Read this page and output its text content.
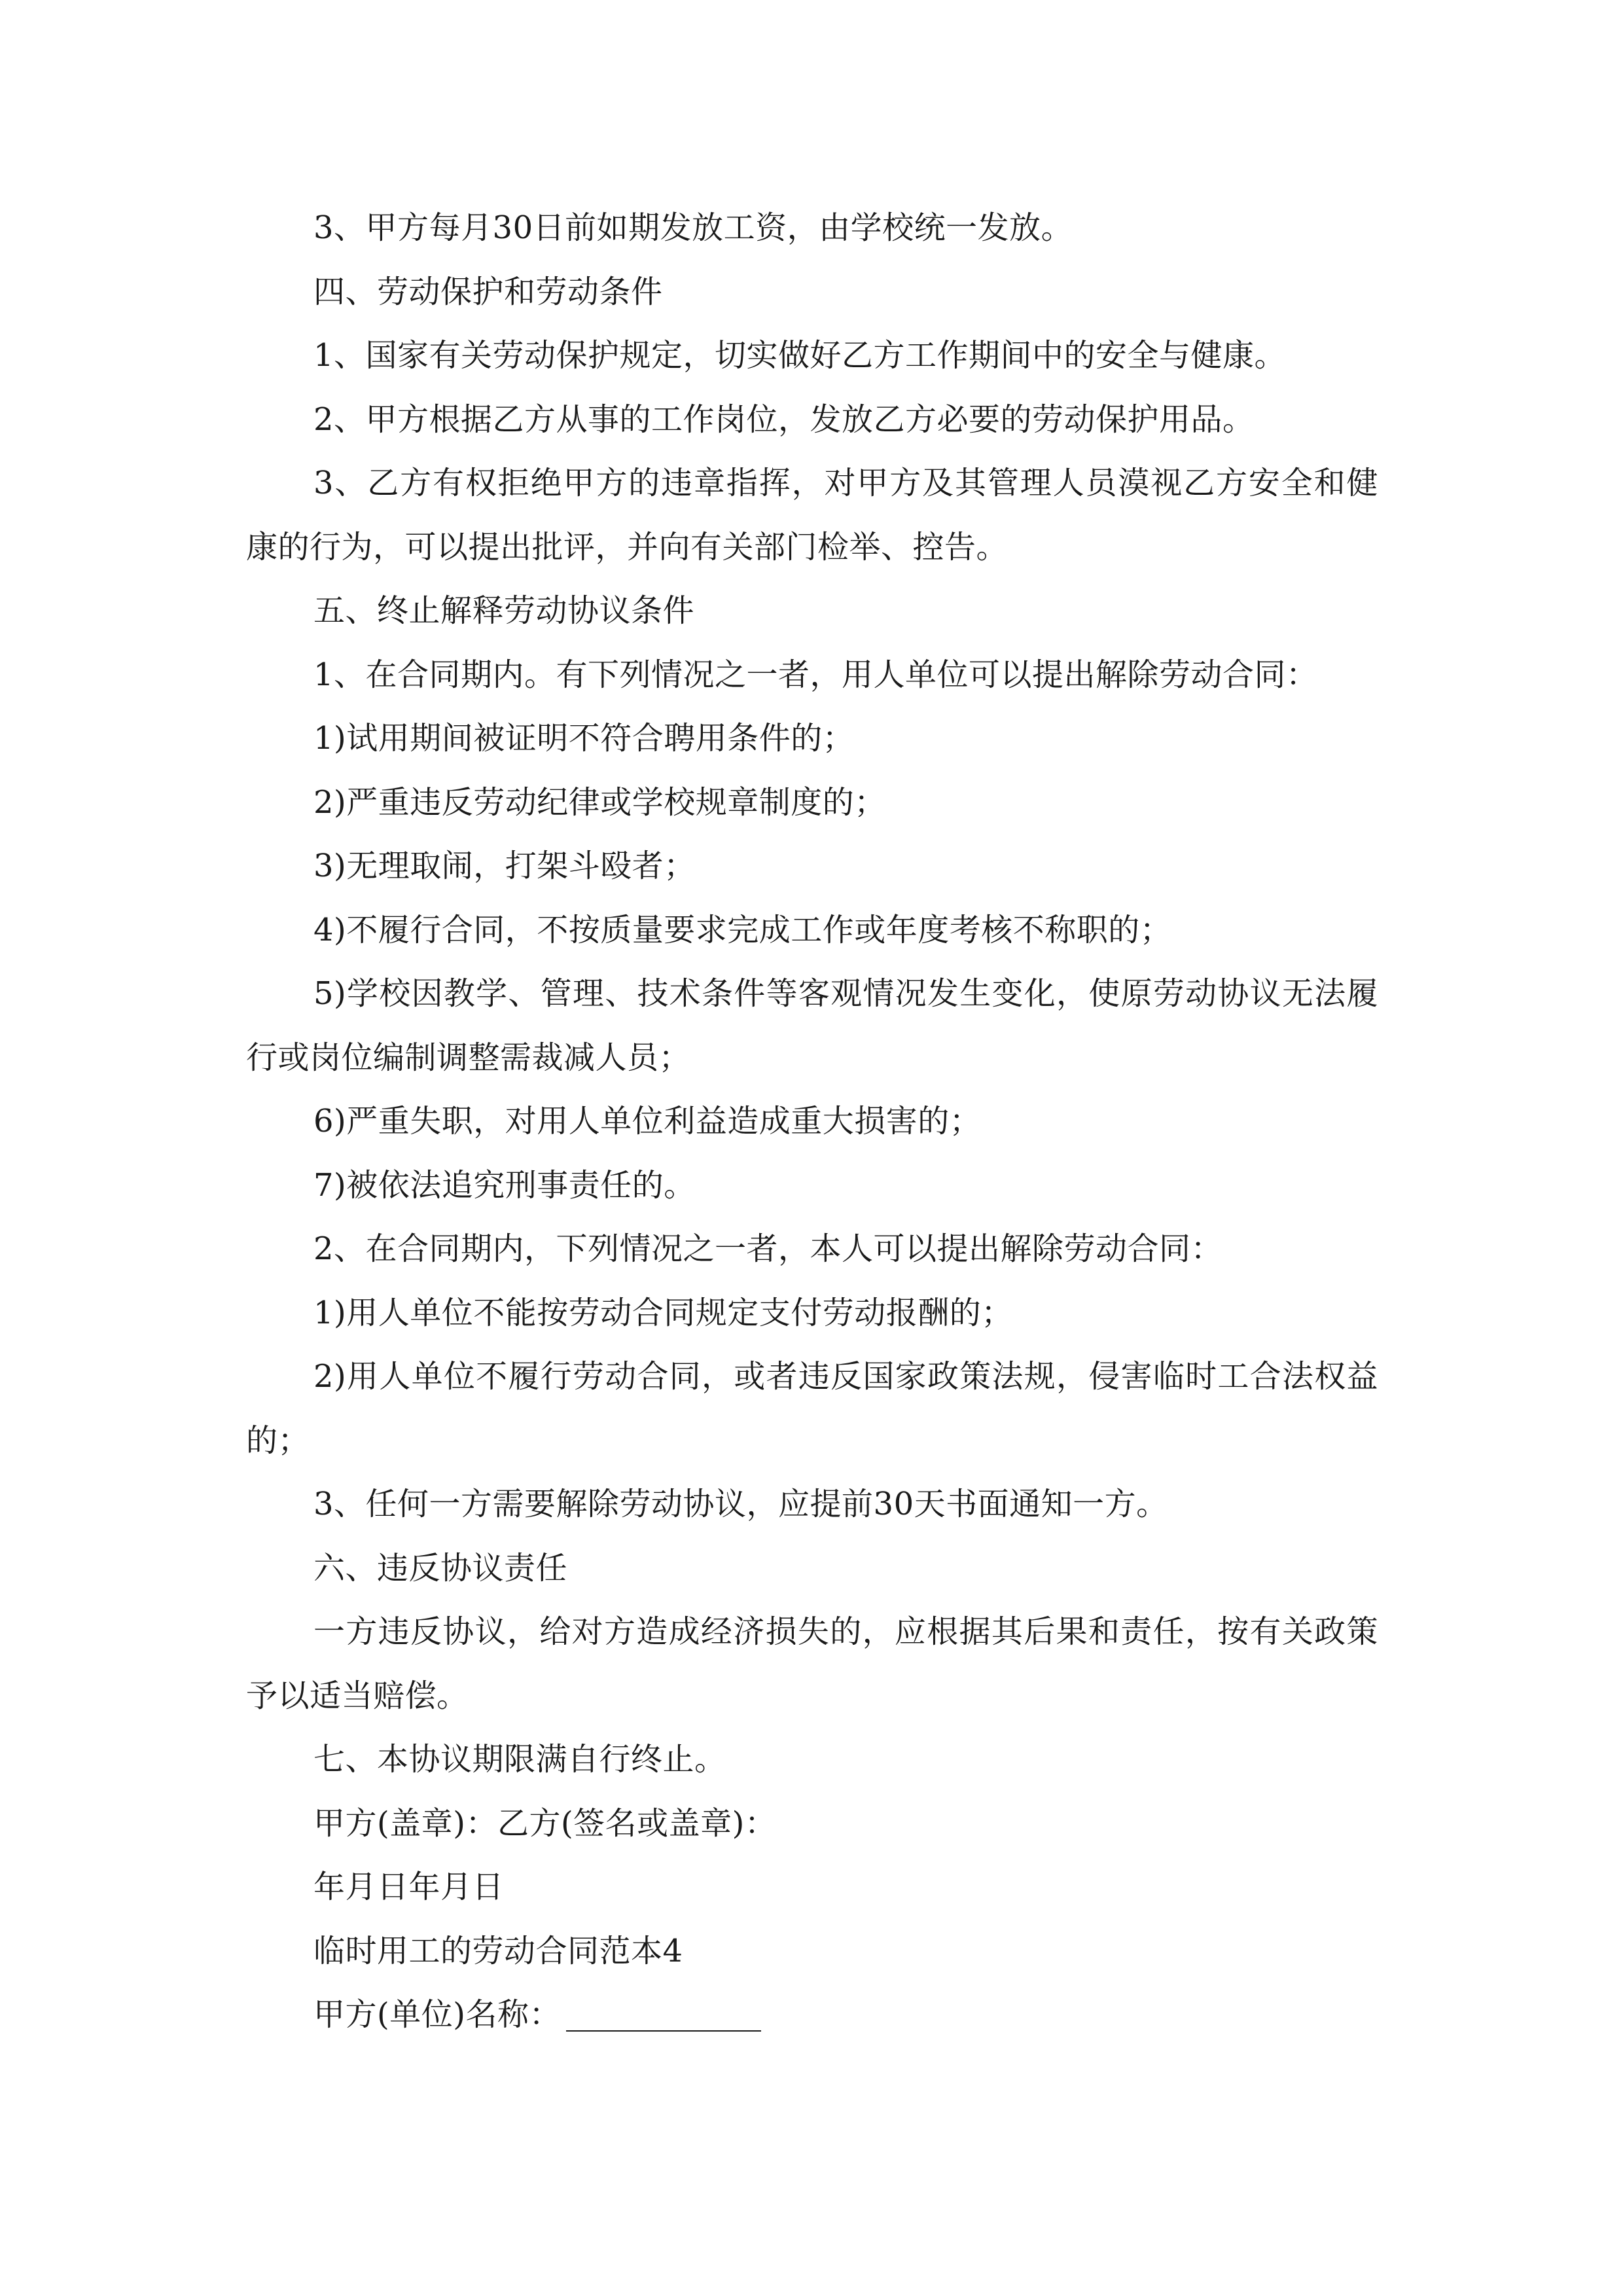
3、甲方每月30日前如期发放工资，由学校统一发放。

四、劳动保护和劳动条件

1、国家有关劳动保护规定，切实做好乙方工作期间中的安全与健康。

2、甲方根据乙方从事的工作岗位，发放乙方必要的劳动保护用品。

3、乙方有权拒绝甲方的违章指挥，对甲方及其管理人员漠视乙方安全和健康的行为，可以提出批评，并向有关部门检举、控告。

五、终止解释劳动协议条件

1、在合同期内。有下列情况之一者，用人单位可以提出解除劳动合同：

1)试用期间被证明不符合聘用条件的；

2)严重违反劳动纪律或学校规章制度的；

3)无理取闹，打架斗殴者；

4)不履行合同，不按质量要求完成工作或年度考核不称职的；

5)学校因教学、管理、技术条件等客观情况发生变化，使原劳动协议无法履行或岗位编制调整需裁减人员；

6)严重失职，对用人单位利益造成重大损害的；

7)被依法追究刑事责任的。

2、在合同期内，下列情况之一者，本人可以提出解除劳动合同：

1)用人单位不能按劳动合同规定支付劳动报酬的；

2)用人单位不履行劳动合同，或者违反国家政策法规，侵害临时工合法权益的；

3、任何一方需要解除劳动协议，应提前30天书面通知一方。

六、违反协议责任

一方违反协议，给对方造成经济损失的，应根据其后果和责任，按有关政策予以适当赔偿。

七、本协议期限满自行终止。

甲方(盖章)：乙方(签名或盖章)：

年月日年月日

临时用工的劳动合同范本4

甲方(单位)名称：
